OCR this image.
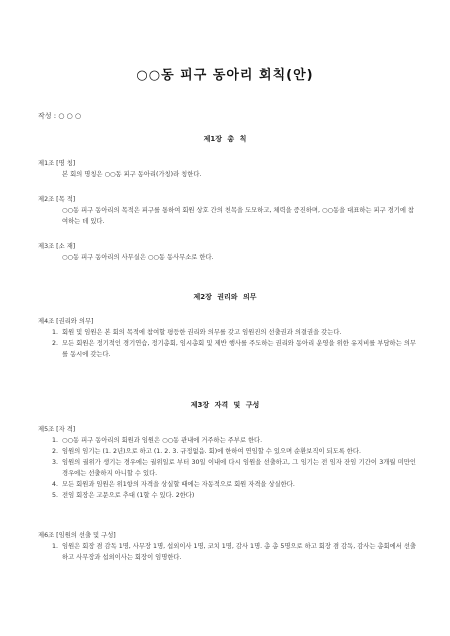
○○동 피구 동아리 회칙(안)
작성 : ○ ○ ○
제1장 총 칙
제1조 [명 칭]
본 회의 명칭은 ○○동 피구 동아리(가칭)라 칭한다.
제2조 [목 적]
○○동 피구 동아리의 목적은 피구를 통하여 회원 상호 간의 친목을 도모하고, 체력을 증진하며, ○○동을 대표하는 피구 경기에 참여하는 데 있다.
제3조 [소 재]
○○동 피구 동아리의 사무실은 ○○동 동사무소로 한다.
제2장 권리와 의무
제4조 [권리와 의무]
1. 회원 및 임원은 본 회의 목적에 참여할 평등한 권리와 의무를 갖고 임원진의 선출권과 의결권을 갖는다.
2. 모든 회원은 정기적인 경기연습, 정기총회, 임시총회 및 제반 행사를 주도하는 권리와 동아리 운영을 위한 유지비를 부담하는 의무를 동시에 갖는다.
제3장 자격 및 구성
제5조 [자 격]
1. ○○동 피구 동아리의 회원과 임원은 ○○동 관내에 거주하는 주부로 한다.
2. 임원의 임기는 (1. 2년)으로 하고 (1. 2. 3. 규정없음. 회)에 한하여 연임할 수 있으며 순환보직이 되도록 한다.
3. 임원의 궐위가 생기는 경우에는 궐위일로 부터 30일 이내에 다시 임원을 선출하고, 그 임기는 전 임자 잔임 기간이 3개월 미만인 경우에는 선출하지 아니할 수 있다.
4. 모든 회원과 임원은 위1항의 자격을 상실할 때에는 자동적으로 회원 자격을 상실한다.
5. 전임 회장은 고문으로 추대 (1할 수 있다. 2한다)
제6조 [임원의 선출 및 구성]
1. 임원은 회장 겸 감독 1명, 사무장 1명, 섭외이사 1명, 코치 1명, 감사 1명. 총 총 5명으로 하고 회장 겸 감독, 감사는 총회에서 선출하고 사무장과 섭외이사는 회장이 임명한다.
